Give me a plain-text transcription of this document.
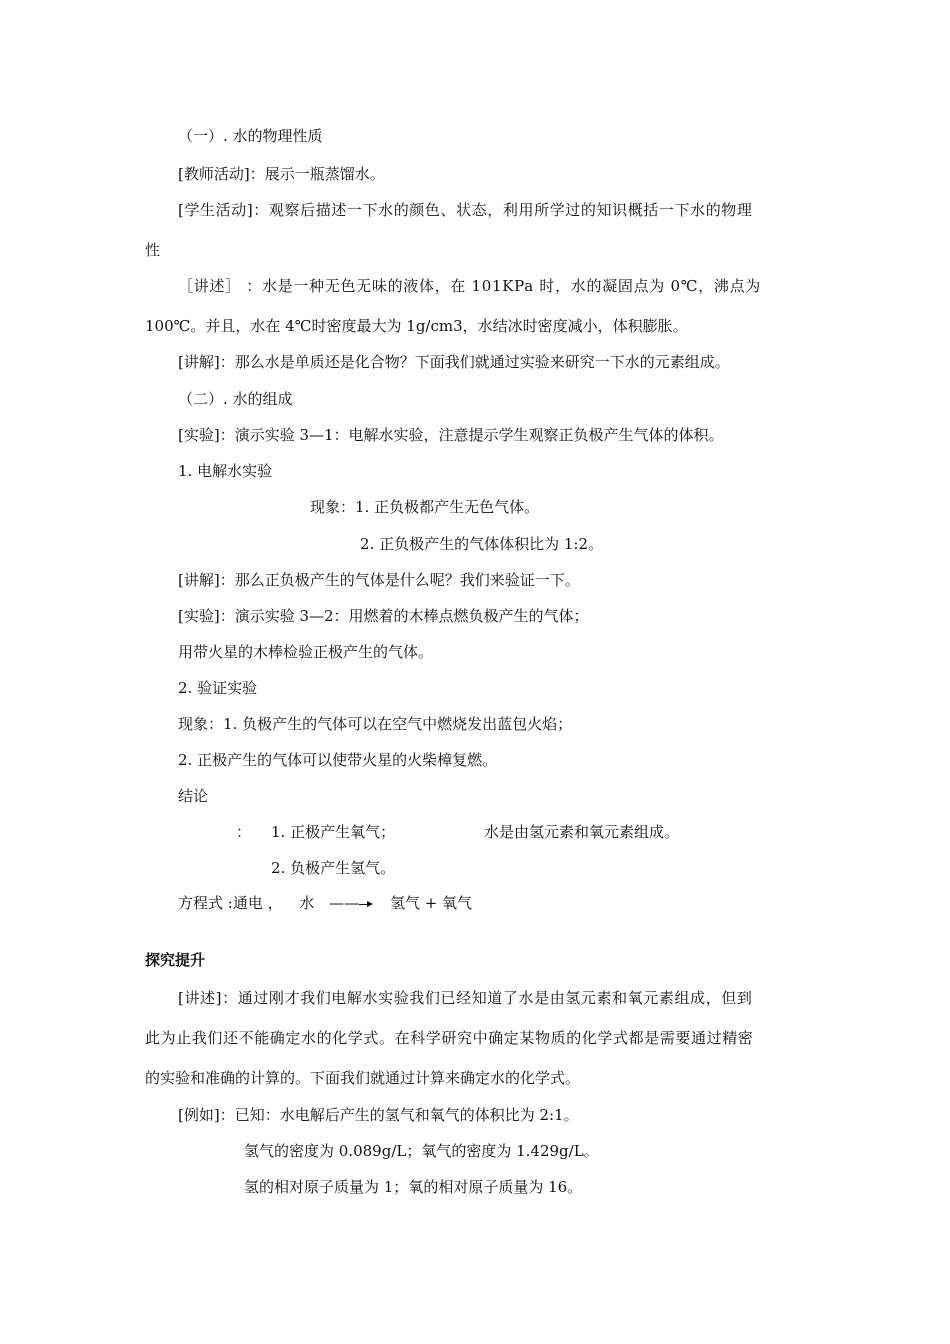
（一）. 水的物理性质
[教师活动]：展示一瓶蒸馏水。
[学生活动]：观察后描述一下水的颜色、状态，利用所学过的知识概括一下水的物理
性
［讲述］ ：水是一种无色无味的液体，在 101KPa 时，水的凝固点为 0℃，沸点为
100℃。并且，水在 4℃时密度最大为 1g/cm3，水结冰时密度减小，体积膨胀。
[讲解]：那么水是单质还是化合物？下面我们就通过实验来研究一下水的元素组成。
（二）. 水的组成
[实验]：演示实验 3—1：电解水实验，注意提示学生观察正负极产生气体的体积。
1. 电解水实验
现象：1. 正负极都产生无色气体。
2. 正负极产生的气体体积比为 1:2。
[讲解]：那么正负极产生的气体是什么呢？我们来验证一下。
[实验]：演示实验 3—2：用燃着的木棒点燃负极产生的气体；
用带火星的木棒检验正极产生的气体。
2. 验证实验
现象：1. 负极产生的气体可以在空气中燃烧发出蓝包火焰；
2. 正极产生的气体可以使带火星的火柴樟复燃。
结论
： 1. 正极产生氧气；	水是由氢元素和氧元素组成。
2. 负极产生氢气。
方程式 :通电 ， 水 —— 氢气 + 氧气
探究提升
[讲述]：通过刚才我们电解水实验我们已经知道了水是由氢元素和氧元素组成，但到
此为止我们还不能确定水的化学式。在科学研究中确定某物质的化学式都是需要通过精密
的实验和准确的计算的。下面我们就通过计算来确定水的化学式。
[例如]：已知：水电解后产生的氢气和氧气的体积比为 2:1。
氢气的密度为 0.089g/L；氧气的密度为 1.429g/L。
氢的相对原子质量为 1；氧的相对原子质量为 16。
